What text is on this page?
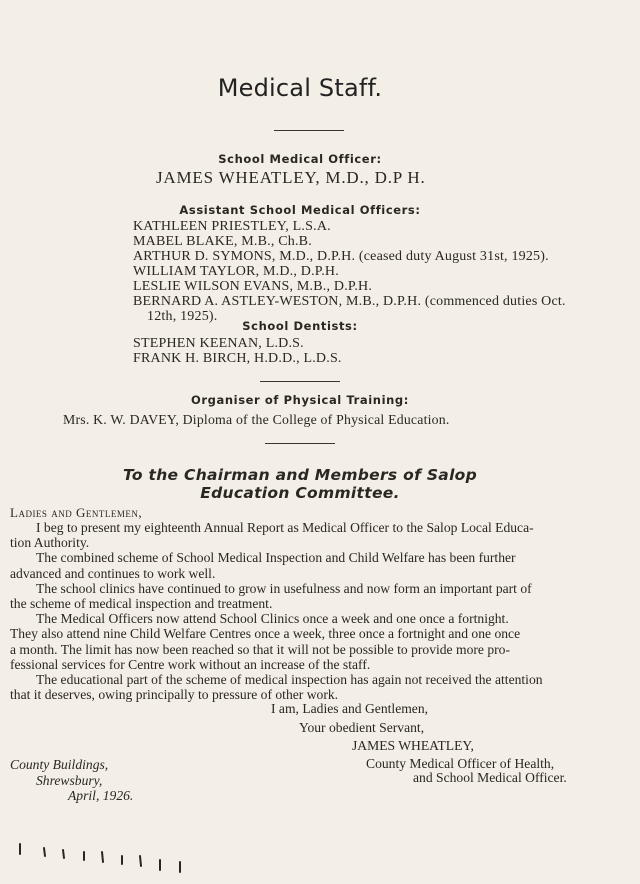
Medical Staff.
School Medical Officer:
JAMES WHEATLEY, M.D., D.P H.
Assistant School Medical Officers:
KATHLEEN PRIESTLEY, L.S.A.
MABEL BLAKE, M.B., Ch.B.
ARTHUR D. SYMONS, M.D., D.P.H. (ceased duty August 31st, 1925).
WILLIAM TAYLOR, M.D., D.P.H.
LESLIE WILSON EVANS, M.B., D.P.H.
BERNARD A. ASTLEY-WESTON, M.B., D.P.H. (commenced duties Oct.
12th, 1925).
School Dentists:
STEPHEN KEENAN, L.D.S.
FRANK H. BIRCH, H.D.D., L.D.S.
Organiser of Physical Training:
Mrs. K. W. DAVEY, Diploma of the College of Physical Education.
To the Chairman and Members of Salop
Education Committee.
Ladies and Gentlemen,
I beg to present my eighteenth Annual Report as Medical Officer to the Salop Local Educa-
tion Authority.
The combined scheme of School Medical Inspection and Child Welfare has been further
advanced and continues to work well.
The school clinics have continued to grow in usefulness and now form an important part of
the scheme of medical inspection and treatment.
The Medical Officers now attend School Clinics once a week and one once a fortnight.
They also attend nine Child Welfare Centres once a week, three once a fortnight and one once
a month. The limit has now been reached so that it will not be possible to provide more pro-
fessional services for Centre work without an increase of the staff.
The educational part of the scheme of medical inspection has again not received the attention
that it deserves, owing principally to pressure of other work.
I am, Ladies and Gentlemen,
Your obedient Servant,
JAMES WHEATLEY,
County Medical Officer of Health,
and School Medical Officer.
County Buildings,
Shrewsbury,
April, 1926.
